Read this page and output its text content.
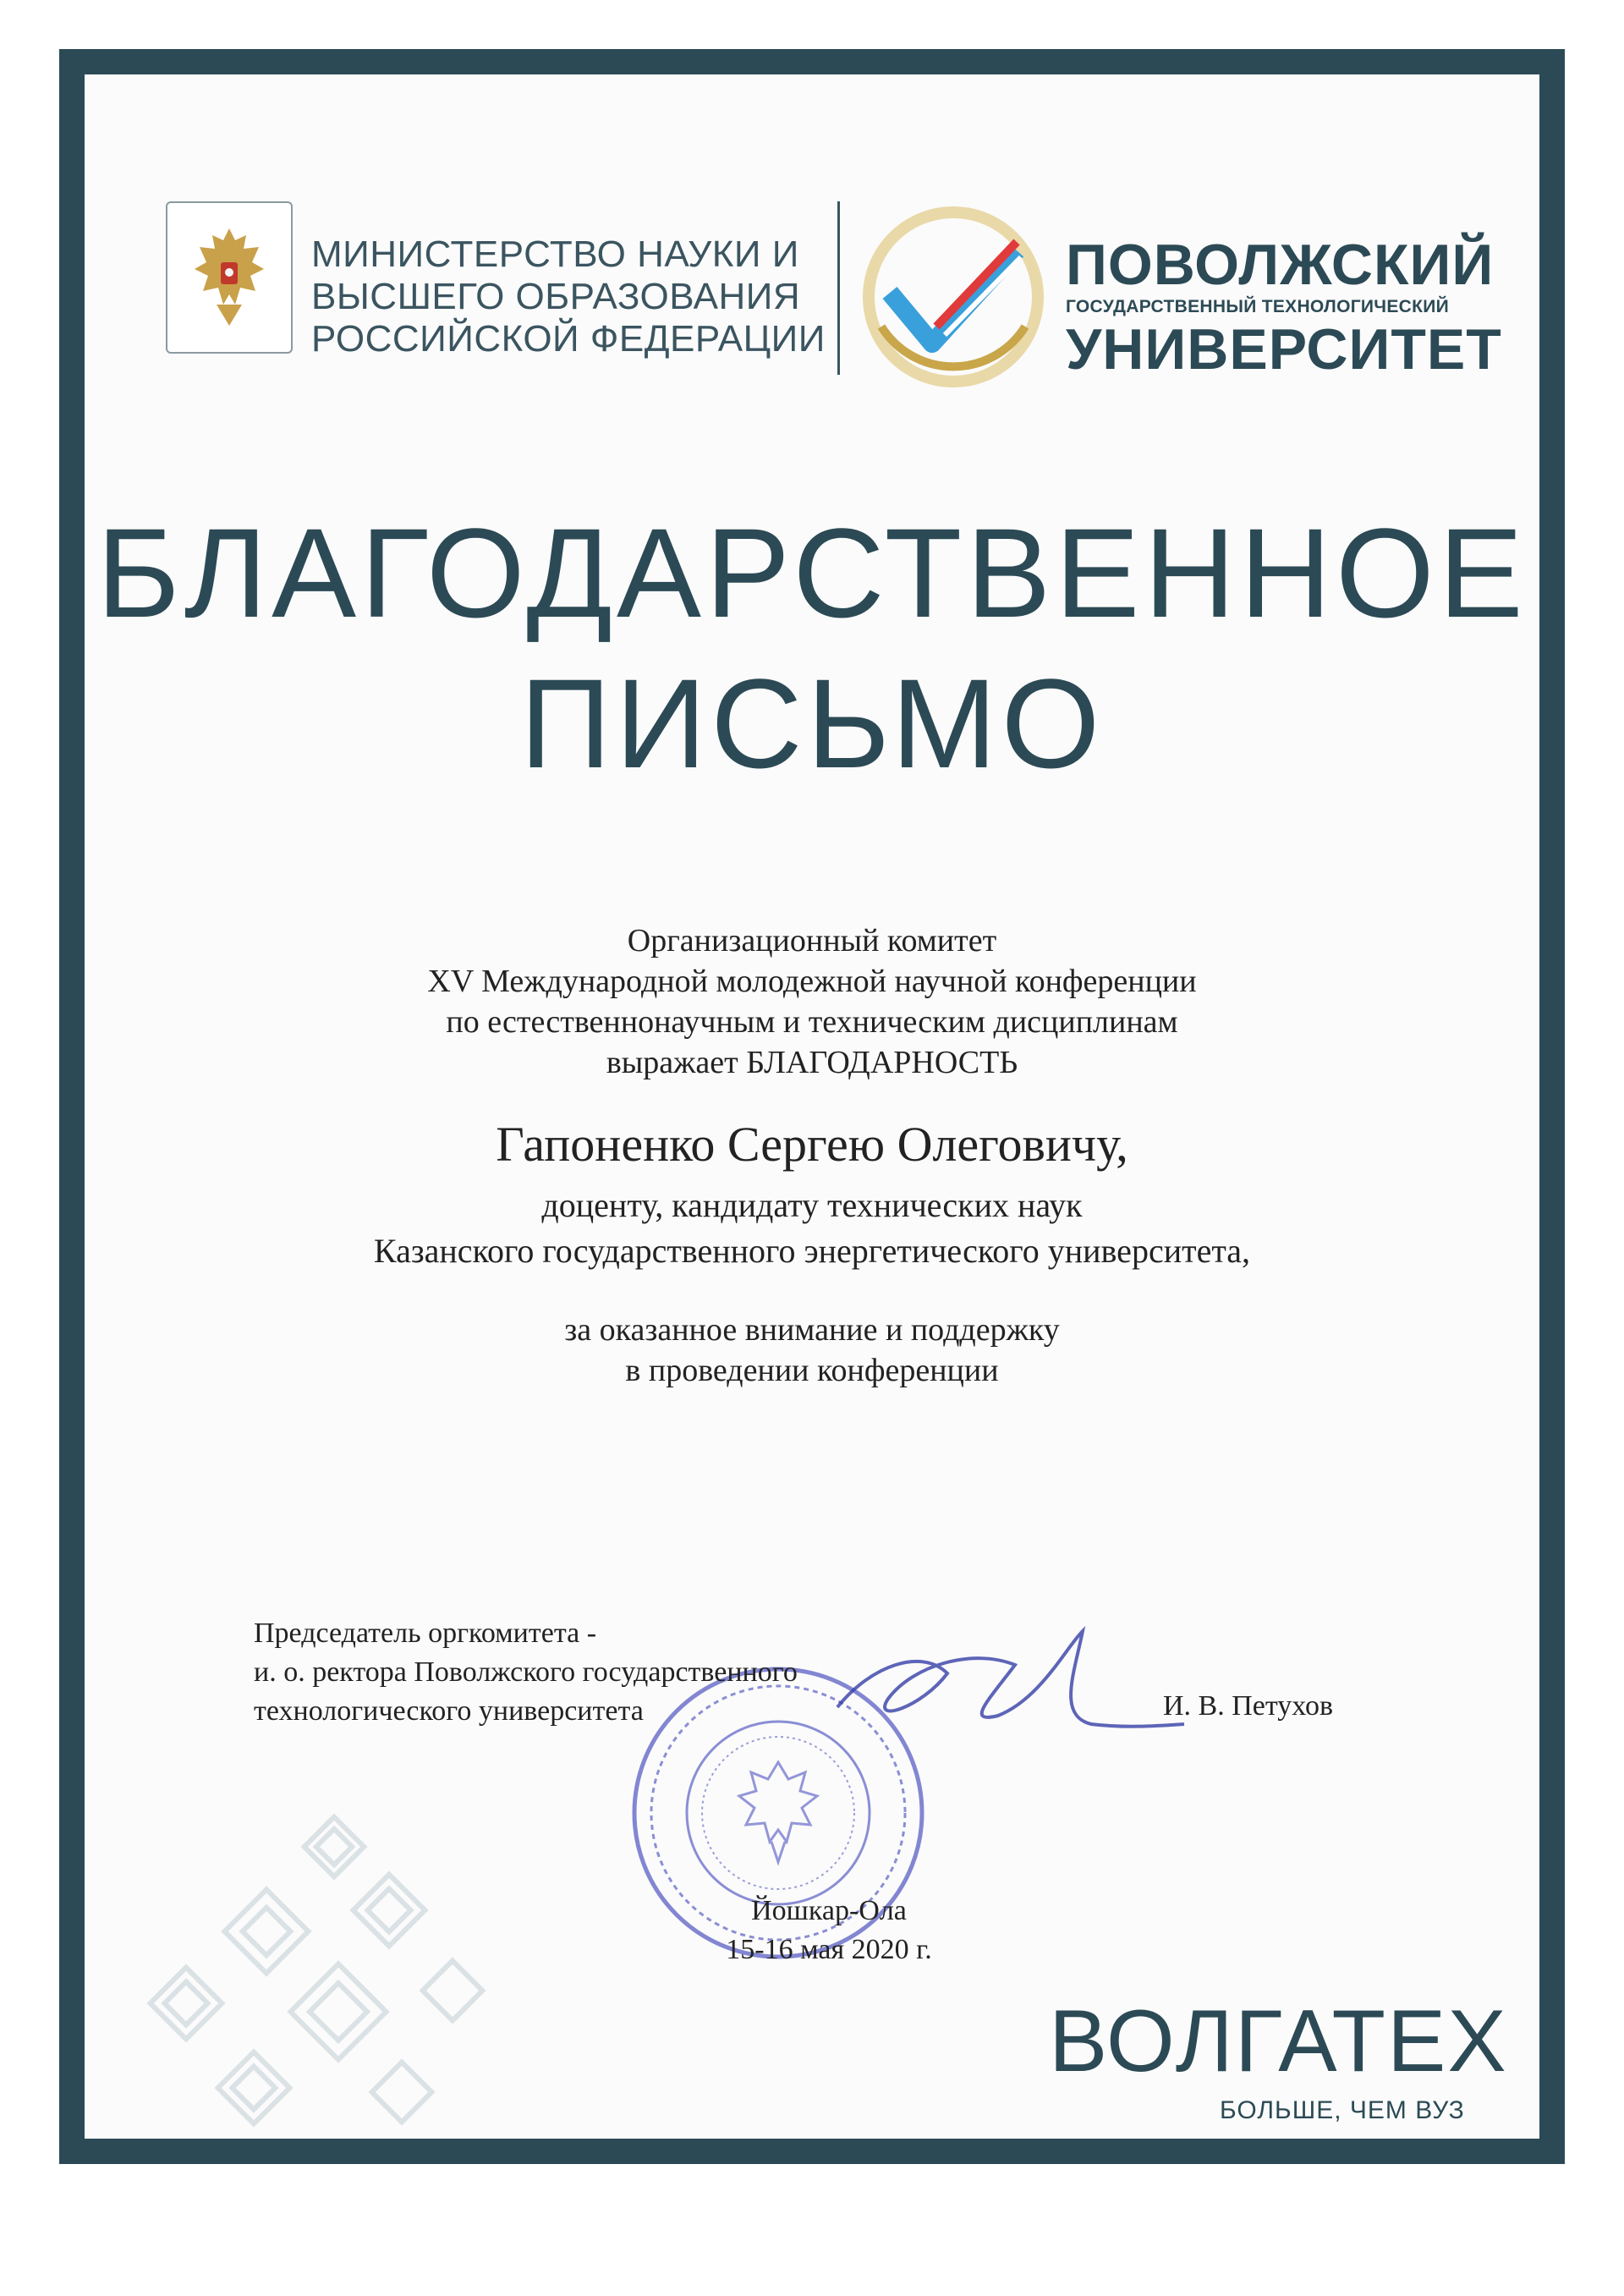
МИНИСТЕРСТВО НАУКИ И
ВЫСШЕГО ОБРАЗОВАНИЯ
РОССИЙСКОЙ ФЕДЕРАЦИИ
ПОВОЛЖСКИЙ
ГОСУДАРСТВЕННЫЙ ТЕХНОЛОГИЧЕСКИЙ
УНИВЕРСИТЕТ
БЛАГОДАРСТВЕННОЕ
ПИСЬМО
Организационный комитет
XV Международной молодежной научной конференции
по естественнонаучным и техническим дисциплинам
выражает БЛАГОДАРНОСТЬ
Гапоненко Сергею Олеговичу,
доценту, кандидату технических наук
Казанского государственного энергетического университета,
за оказанное внимание и поддержку
в проведении конференции
Председатель оргкомитета -
и. о. ректора Поволжского государственного
технологического университета	И. В. Петухов
Йошкар-Ола
15-16 мая 2020 г.
ВОЛГАТЕХ
БОЛЬШЕ, ЧЕМ ВУЗ
